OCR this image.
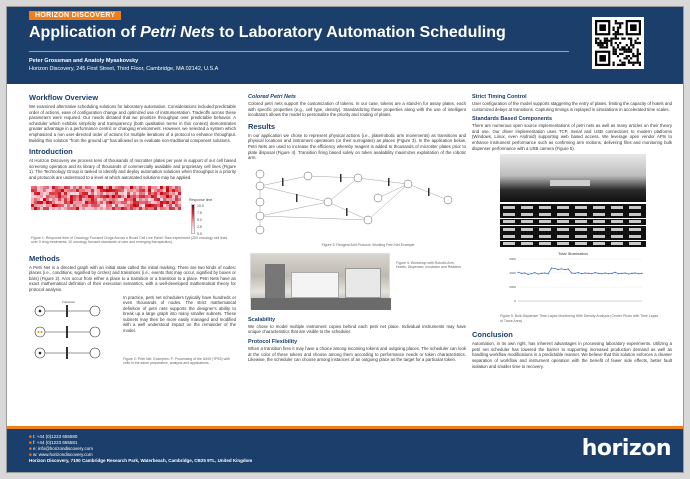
HORIZON DISCOVERY
Application of Petri Nets to Laboratory Automation Scheduling
Peter Grossman and Anatoly Myaskovsky
Horizon Discovery, 245 First Street, Third Floor, Cambridge, MA 02142, U.S.A
Workflow Overview

We examined alternative scheduling solutions for laboratory automation. Considerations included predictable order of actions, ease of configuration change and optimized use of instrumentation. Tradeoffs across these parameters were required. Our needs dictated that we prioritize throughput over predictable behavior. A scheduler which exhibits simplicity and transparency (both qualitative terms in this context) demonstrates greater advantage in a performance centric or changing environment. However, we selected a system which emphasized a non user-directed order of actions for multiple iterations of a protocol to enhance throughput. Building this solution "from the ground up" has allowed us to evaluate non-traditional component solutions.

Introduction

At Horizon Discovery we process tens of thousands of microtiter plates per year in support of our cell based screening operation and its library of thousands of commercially available and proprietary cell lines (Figure 1). The Technology Group is tasked to identify and deploy automation solutions when throughput is a priority and protocols are understood to a level at which automated solutions may be applied.

Response time
10.0
7.5
5.0
2.5
0.0
Figure 1: Response time of Oncology Focused Drugs Across a Broad Cell Line Panel. Raw experiment (200 oncology cell lines over 3 drug treatments; 10 oncology focused standards of care and emerging therapeutics).
Methods

A Petri Net is a directed graph with an initial state called the initial marking. There are two kinds of nodes: places (i.e., conditions, signified by circles) and transitions (i.e., events that may occur, signified by boxes or bars) (Figure 2). Arcs occur from either a place to a transition or a transition to a place. Petri Nets have an exact mathematical definition of their execution semantics, with a well-developed mathematical theory for protocol analysis.

Transition

In practice, petri net schedulers typically have hundreds or even thousands of nodes. The strict mathematical definition of petri nets supports the designer's ability to break up a large graph into many smaller subnets. These subnets may then be more easily managed and modified with a well understood impact on the remainder of the model.

Figure 2: Petri Net. Examples: P: Processing of the A549 (TP53) with cells in the same preparation, analysis and applications.
Colored Petri Nets

Colored petri nets support the customization of tokens. In our case, tokens are a stand-in for assay plates, each with specific properties (e.g., cell type, density). Standardizing these properties along with the use of intelligent incubators allows the model to personalize the priority and routing of plates.

Results

In our application we chose to represent physical actions (i.e., plate/robotic arm movements) as transitions and physical locations and instrument operations (or their surrogates) as places (Figure 3). In the application below, Petri Nets are used to increase the efficiency whereby reagent is added to thousands of microtiter plates prior to plate disposal (Figure 4). Transition firing based solely on token availability maximizes exploitation of the robotic arm.

Figure 3: Reagent Add Protocol: Working Petri Net Example
Figure 4: Workshop with Robotic Arm, Hotels, Dispenser, Incubator and Readers
Scalability

We chose to model multiple instrument copies behind each petri net place. Individual instruments may have unique characteristics that are visible to the scheduler.

Protocol Flexibility

When a transition fires it may have a choice among incoming tokens and outgoing places. The scheduler can look at the color of these tokens and choose among them according to performance needs or token characteristics. Likewise, the scheduler can choose among instances of an outgoing place as the target for a particular token.

Strict Timing Control

User configuration of the model supports staggering the entry of plates, limiting the capacity of hotels and customized delays at transitions. Capturing timings is replayed in simulations in accelerated time scales.

Standards Based Components

There are numerous open source implementations of petri nets as well as many articles on their theory and use. Our driver implementation uses TCP, Serial and USB connections to modern platforms (Windows, Linux, even Android) supporting web based access. We leverage open vendor APIs to enhance instrument performance such as confirming arm motions, delivering files and monitoring bulk dispenser performance with a USB camera (Figure 5).

Total Illumination
6000
4000
2000
0
Figure 5: Bulk Dispenser Time-Lapse Monitoring With Density Analysis (Center Photo with Time Lapse of Trace Area)
Conclusion

Automation, in its own right, has inherent advantages in processing laboratory experiments. Utilizing a petri net scheduler has lowered the barrier to supporting increased production demand as well as handling workflow modifications in a predictable manner. We believe that this solution enforces a cleaner separation of workflow and instrument operation with the benefit of fewer side effects, better fault isolation and smaller time to recovery.

■ t: +44 (0)1223 655580
■ f: +44 (0)1223 655581
■ e: info@horizondiscovery.com
■ w: www.horizondiscovery.com
Horizon Discovery, 7100 Cambridge Research Park, Waterbeach, Cambridge, CB25 9TL, United Kingdom	horizon
